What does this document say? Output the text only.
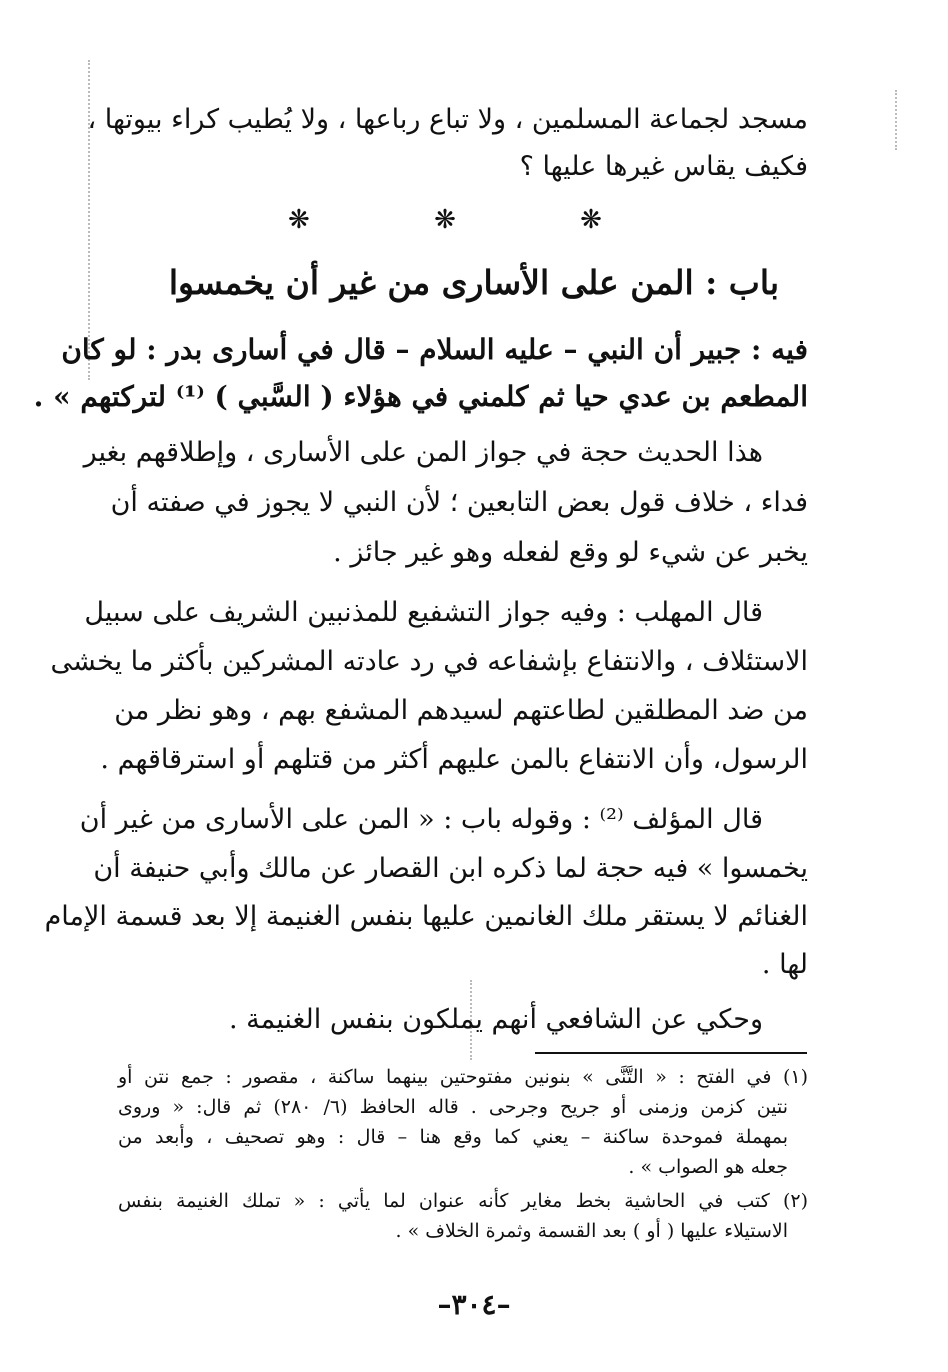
مسجد لجماعة المسلمين ، ولا تباع رباعها ، ولا يُطيب كراء بيوتها ،
فكيف يقاس غيرها عليها ؟
❋ ❋ ❋
باب : المن على الأسارى من غير أن يخمسوا
فيه : جبير أن النبي – عليه السلام – قال في أسارى بدر : لو كان
المطعم بن عدي حيا ثم كلمني في هؤلاء ( السَّبي ) ⁽¹⁾ لتركتهم » .
هذا الحديث حجة في جواز المن على الأسارى ، وإطلاقهم بغير
فداء ، خلاف قول بعض التابعين ؛ لأن النبي لا يجوز في صفته أن
يخبر عن شيء لو وقع لفعله وهو غير جائز .
قال المهلب : وفيه جواز التشفيع للمذنبين الشريف على سبيل
الاستئلاف ، والانتفاع بإشفاعه في رد عادته المشركين بأكثر ما يخشى
من ضد المطلقين لطاعتهم لسيدهم المشفع بهم ، وهو نظر من
الرسول، وأن الانتفاع بالمن عليهم أكثر من قتلهم أو استرقاقهم .
قال المؤلف ⁽²⁾ : وقوله باب : « المن على الأسارى من غير أن
يخمسوا » فيه حجة لما ذكره ابن القصار عن مالك وأبي حنيفة أن
الغنائم لا يستقر ملك الغانمين عليها بنفس الغنيمة إلا بعد قسمة الإمام
لها .
وحكي عن الشافعي أنهم يملكون بنفس الغنيمة .
(١) في الفتح : « التَّنَّى » بنونين مفتوحتين بينهما ساكنة ، مقصور : جمع نتن أو
نتين كزمن وزمنى أو جريح وجرحى . قاله الحافظ (٦/ ٢٨٠) ثم قال: « وروى
بمهملة فموحدة ساكنة – يعني كما وقع هنا – قال : وهو تصحيف ، وأبعد من
جعله هو الصواب » .
(٢) كتب في الحاشية بخط مغاير كأنه عنوان لما يأتي : « تملك الغنيمة بنفس
الاستيلاء عليها ( أو ) بعد القسمة وثمرة الخلاف » .
–٣٠٤–
